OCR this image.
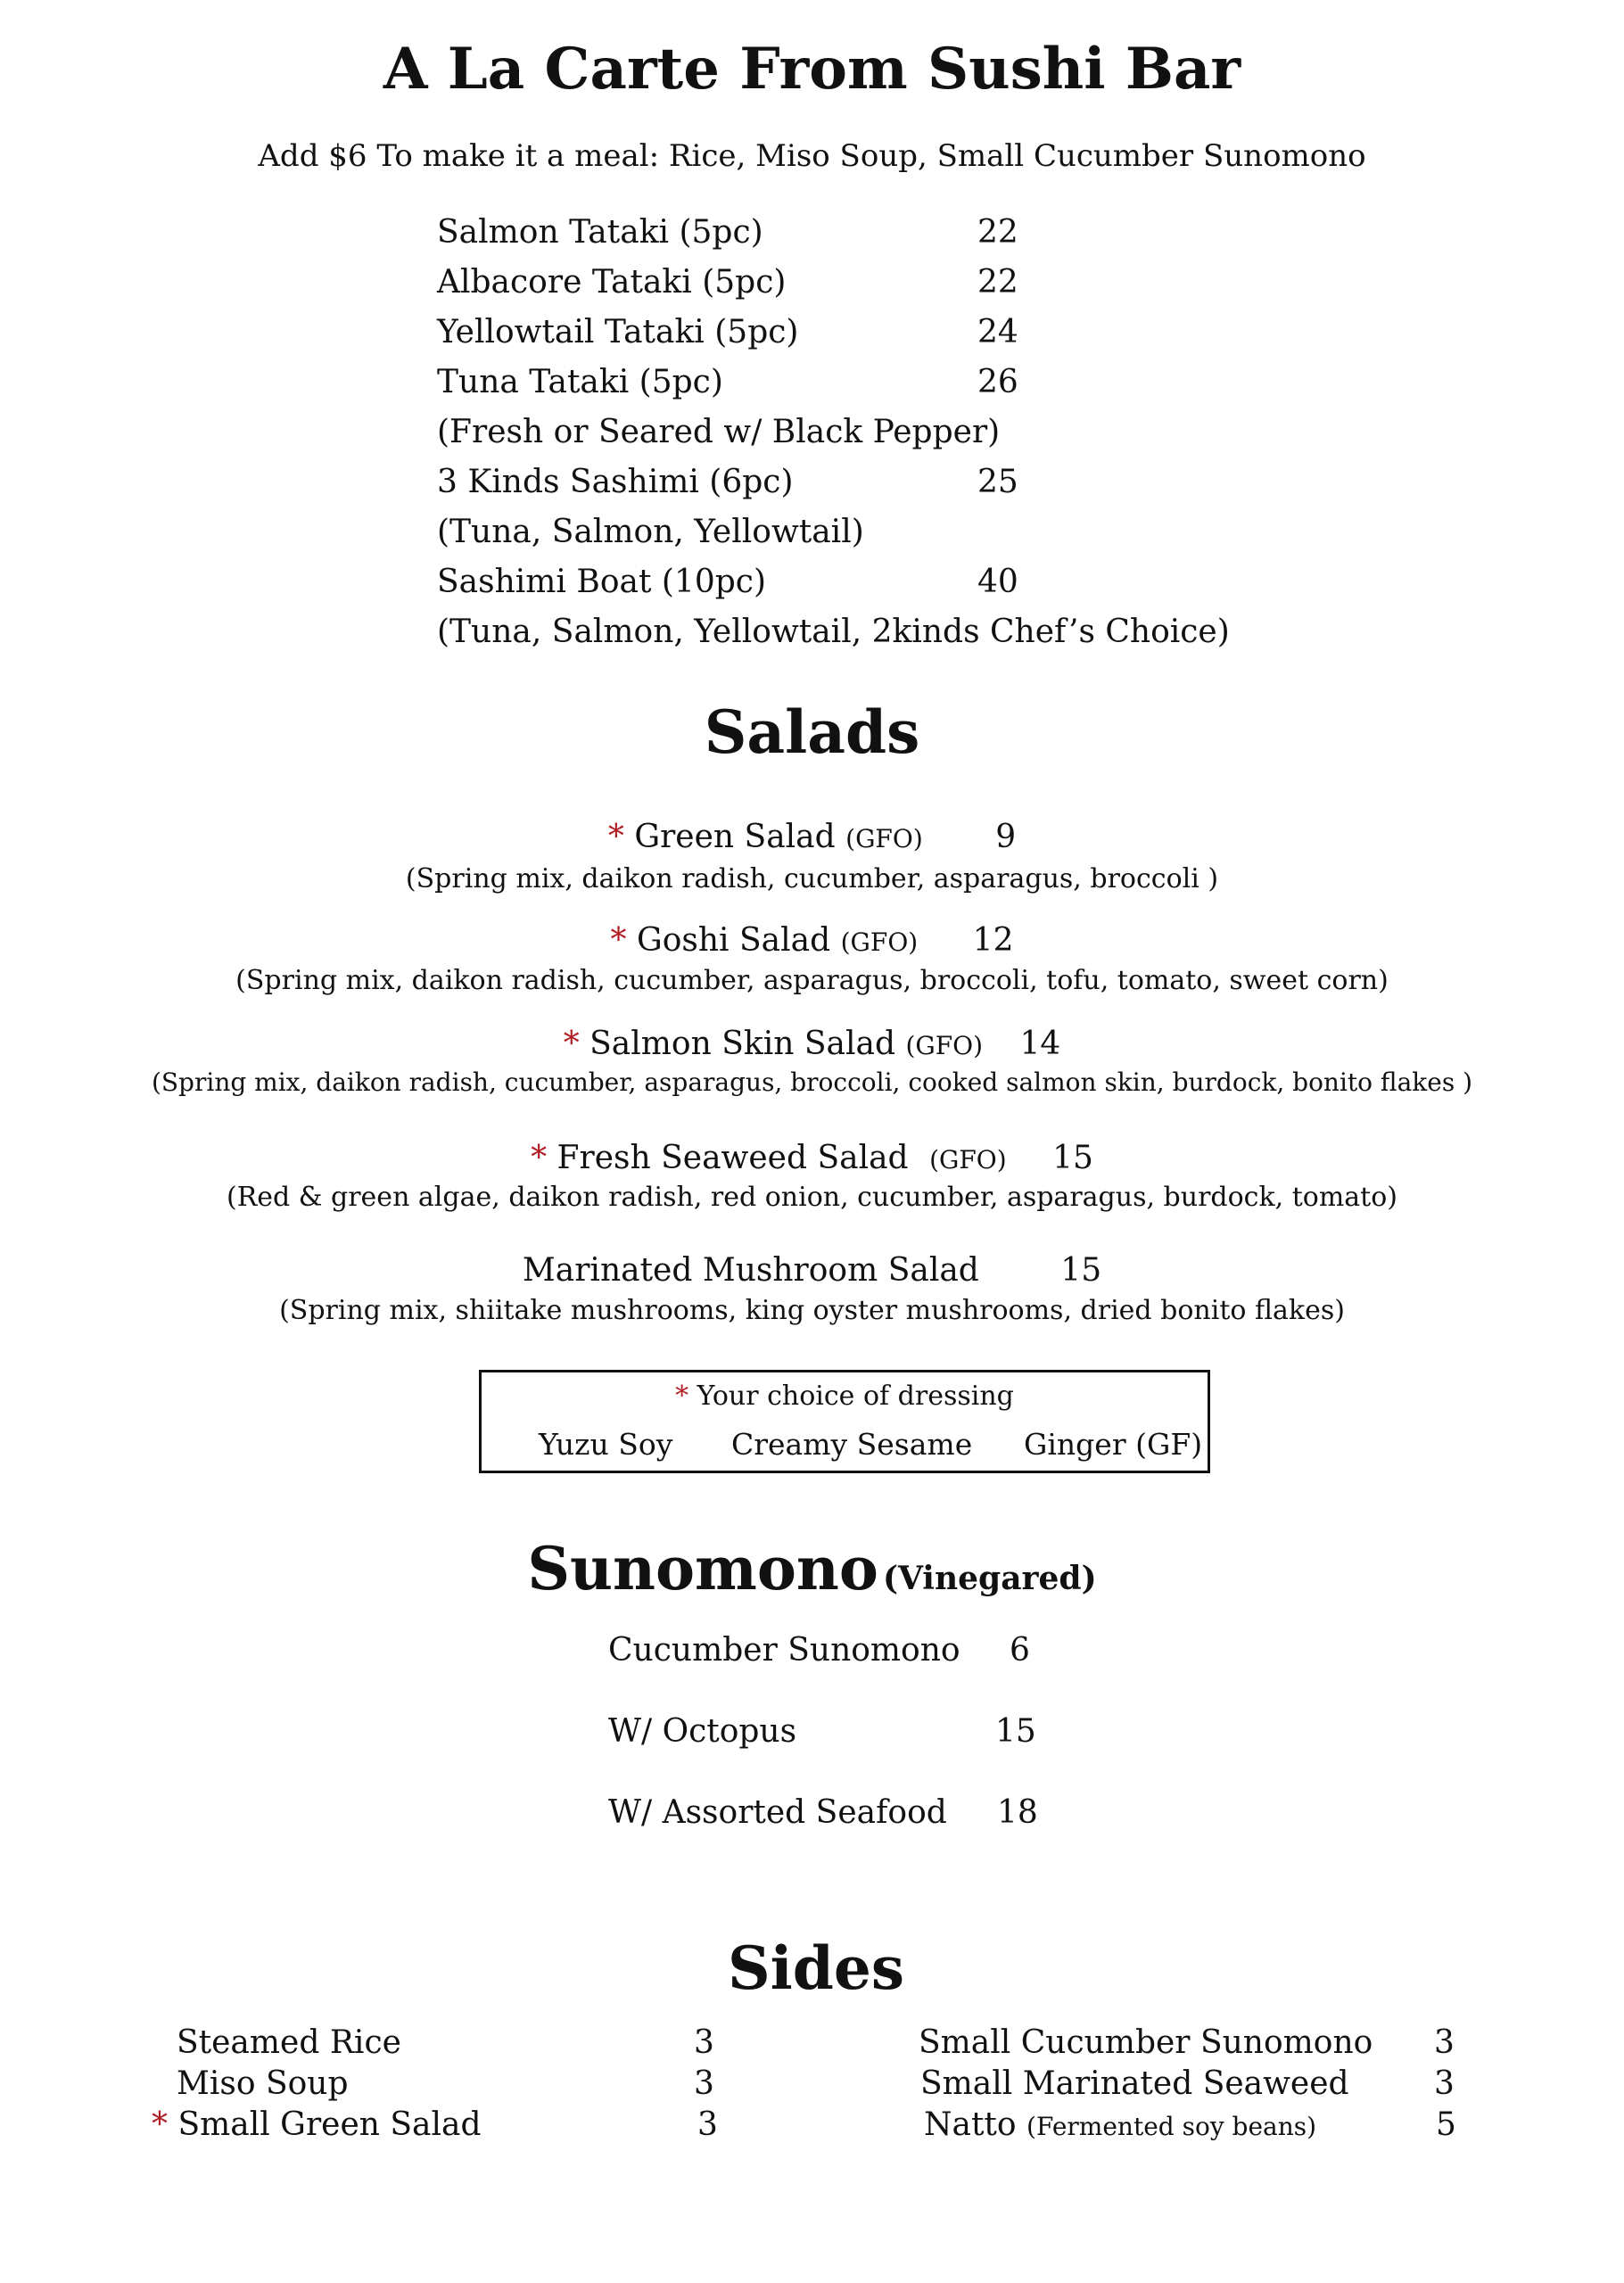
A La Carte From Sushi Bar
Add $6 To make it a meal: Rice, Miso Soup, Small Cucumber Sunomono
Salmon Tataki (5pc)	22
Albacore Tataki (5pc)	22
Yellowtail Tataki (5pc)	24
Tuna Tataki (5pc)	26
(Fresh or Seared w/ Black Pepper)
3 Kinds Sashimi (6pc)	25
(Tuna, Salmon, Yellowtail)
Sashimi Boat (10pc)	40
(Tuna, Salmon, Yellowtail, 2kinds Chef’s Choice)
Salads
* Green Salad (GFO) 9
(Spring mix, daikon radish, cucumber, asparagus, broccoli )
* Goshi Salad (GFO) 12
(Spring mix, daikon radish, cucumber, asparagus, broccoli, tofu, tomato, sweet corn)
* Salmon Skin Salad (GFO) 14
(Spring mix, daikon radish, cucumber, asparagus, broccoli, cooked salmon skin, burdock, bonito flakes )
* Fresh Seaweed Salad (GFO) 15
(Red & green algae, daikon radish, red onion, cucumber, asparagus, burdock, tomato)
Marinated Mushroom Salad	15
(Spring mix, shiitake mushrooms, king oyster mushrooms, dried bonito flakes)
* Your choice of dressing
Yuzu Soy Creamy Sesame Ginger (GF)
Sunomono (Vinegared)
Cucumber Sunomono 6
W/ Octopus	15
W/ Assorted Seafood 18
Sides
Steamed Rice	3
Miso Soup	3
* Small Green Salad	3
Small Cucumber Sunomono 3
Small Marinated Seaweed	3
Natto (Fermented soy beans)	5
